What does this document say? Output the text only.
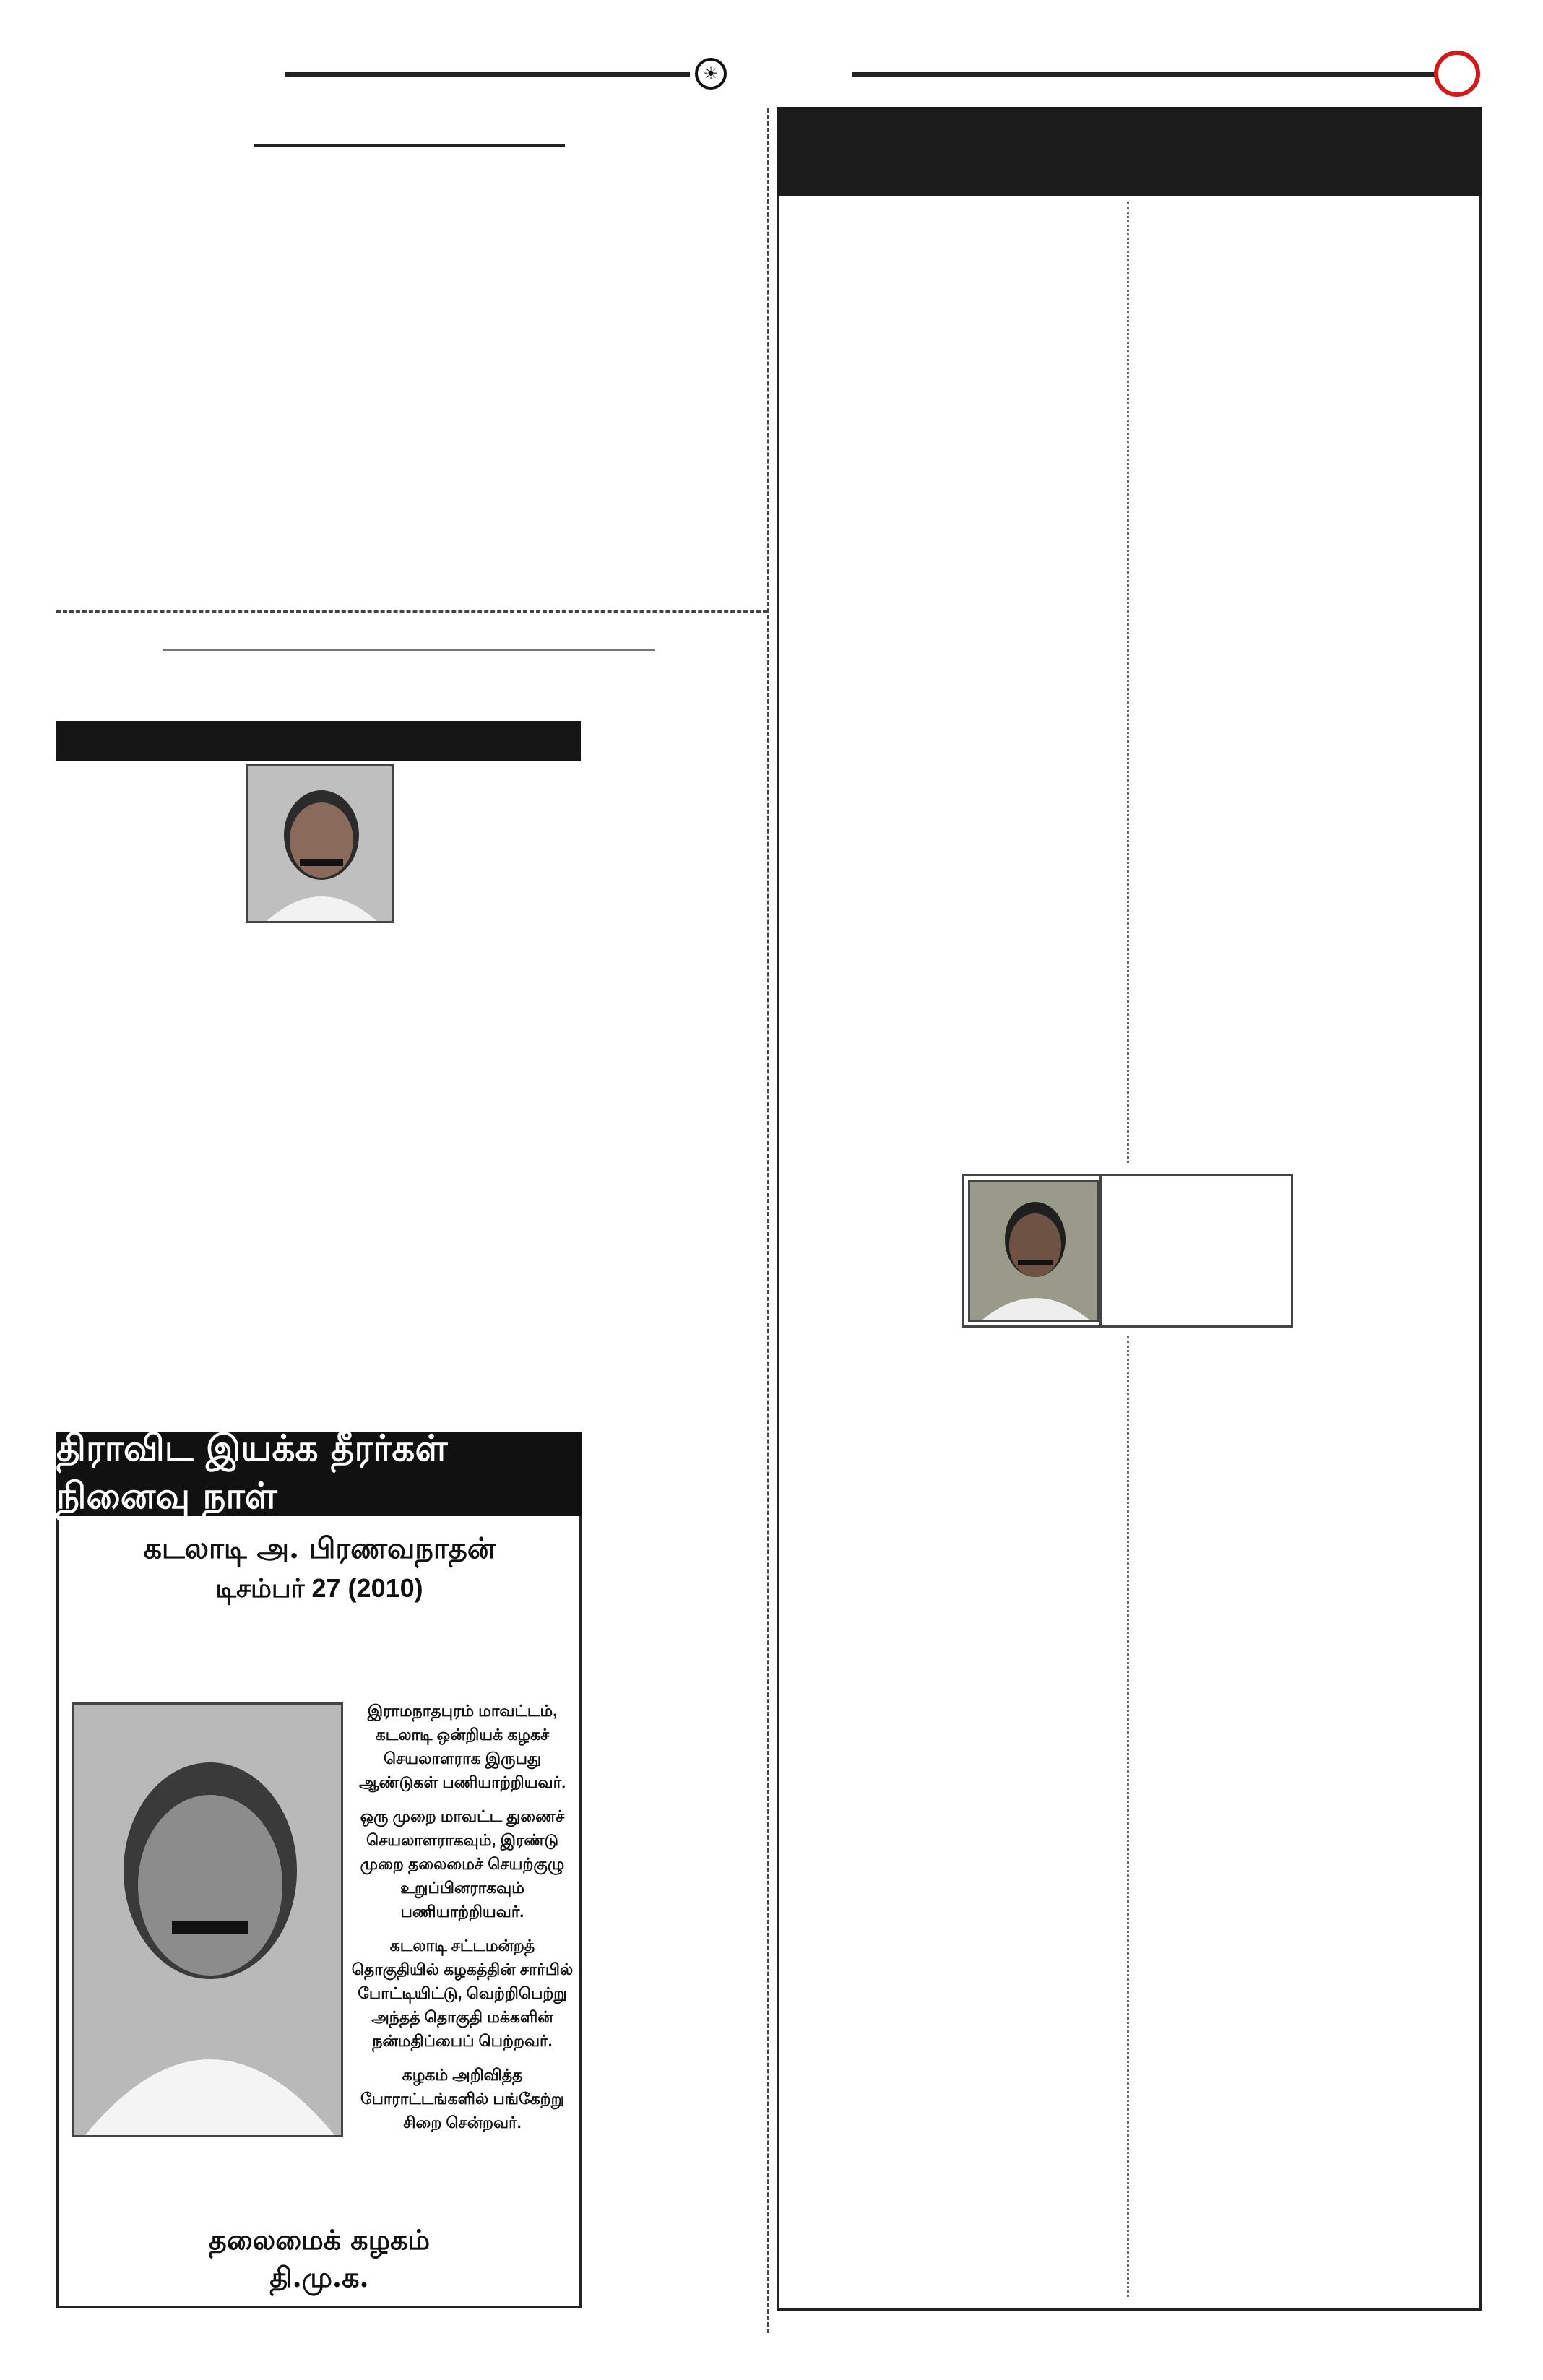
☀
திராவிட இயக்க தீரர்கள் நினைவு நாள்
கடலாடி அ. பிரணவநாதன்
டிசம்பர் 27 (2010)

இராமநாதபுரம் மாவட்டம், கடலாடி ஒன்றியக் கழகச் செயலாளராக இருபது ஆண்டுகள் பணியாற்றியவர்.

ஒரு முறை மாவட்ட துணைச் செயலாளராகவும், இரண்டு முறை தலைமைச் செயற்குழு உறுப்பினராகவும் பணியாற்றியவர்.

கடலாடி சட்டமன்றத் தொகுதியில் கழகத்தின் சார்பில் போட்டியிட்டு, வெற்றிபெற்று அந்தத் தொகுதி மக்களின் நன்மதிப்பைப் பெற்றவர்.

கழகம் அறிவித்த போராட்டங்களில் பங்கேற்று சிறை சென்றவர்.

தலைமைக் கழகம்
தி.மு.க.
